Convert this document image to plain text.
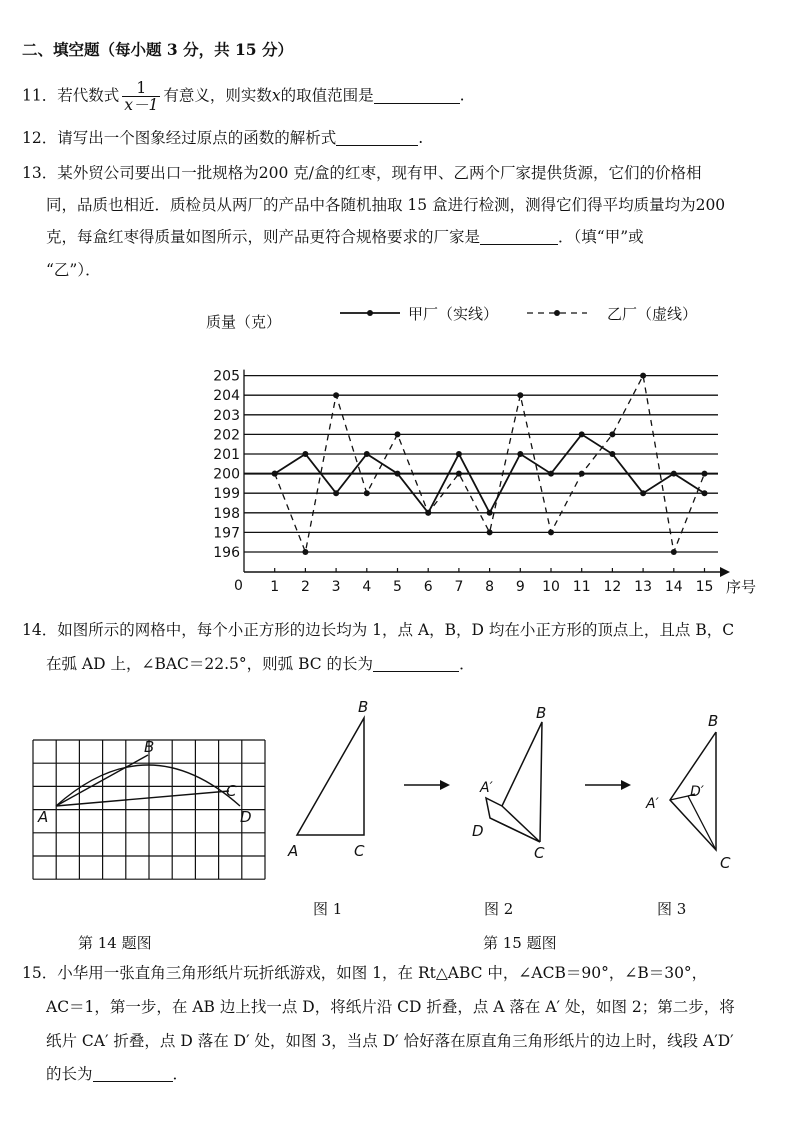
二、填空题（每小题 3 分，共 15 分）
11．若代数式 $\frac{1}{x-1}$ 有意义，则实数x的取值范围是	.
12．请写出一个图象经过原点的函数的解析式	.
13．某外贸公司要出口一批规格为200 克/盒的红枣，现有甲、乙两个厂家提供货源，它们的价格相
同，品质也相近．质检员从两厂的产品中各随机抽取 15 盒进行检测，测得它们得平均质量均为200
克，每盒红枣得质量如图所示，则产品更符合规格要求的厂家是	．（填“甲”或
“乙”）．
196
197
198
199
200
201
202
203
204
205
1 2 3 4 5 6 7 8 9 10 11 12 13 14 15
甲厂（实线）	乙厂（虚线）
质量（克）
序号
0
14．如图所示的网格中，每个小正方形的边长均为 1，点 A，B，D 均在小正方形的顶点上，且点 B，C
在弧 AD 上，∠BAC＝22.5°，则弧 BC 的长为	．
A
B
C
D
A
B
C
A′
B
C
D
A′
B
C
D′
图 1	图 2	图 3
第 14 题图	第 15 题图
15．小华用一张直角三角形纸片玩折纸游戏，如图 1，在 Rt△ABC 中，∠ACB＝90°，∠B＝30°，
AC＝1，第一步，在 AB 边上找一点 D，将纸片沿 CD 折叠，点 A 落在 A′ 处，如图 2；第二步，将
纸片 CA′ 折叠，点 D 落在 D′ 处，如图 3，当点 D′ 恰好落在原直角三角形纸片的边上时，线段 A′D′
的长为	．
